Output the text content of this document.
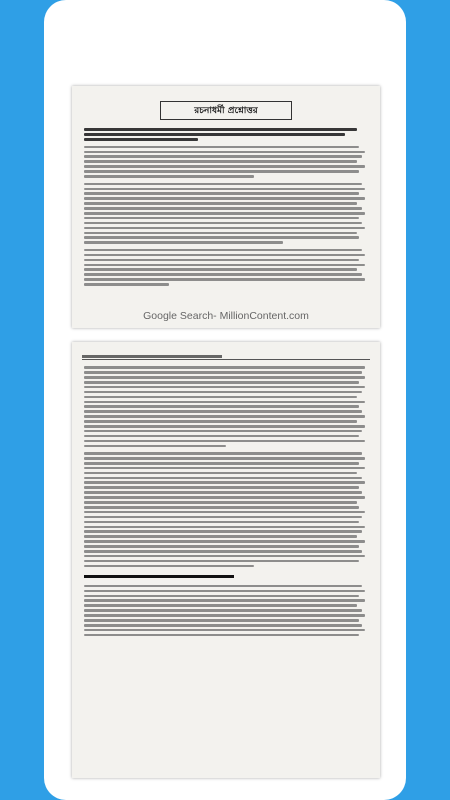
রচনাধর্মী প্রশ্নোত্তর
Google Search- MillionContent.com
